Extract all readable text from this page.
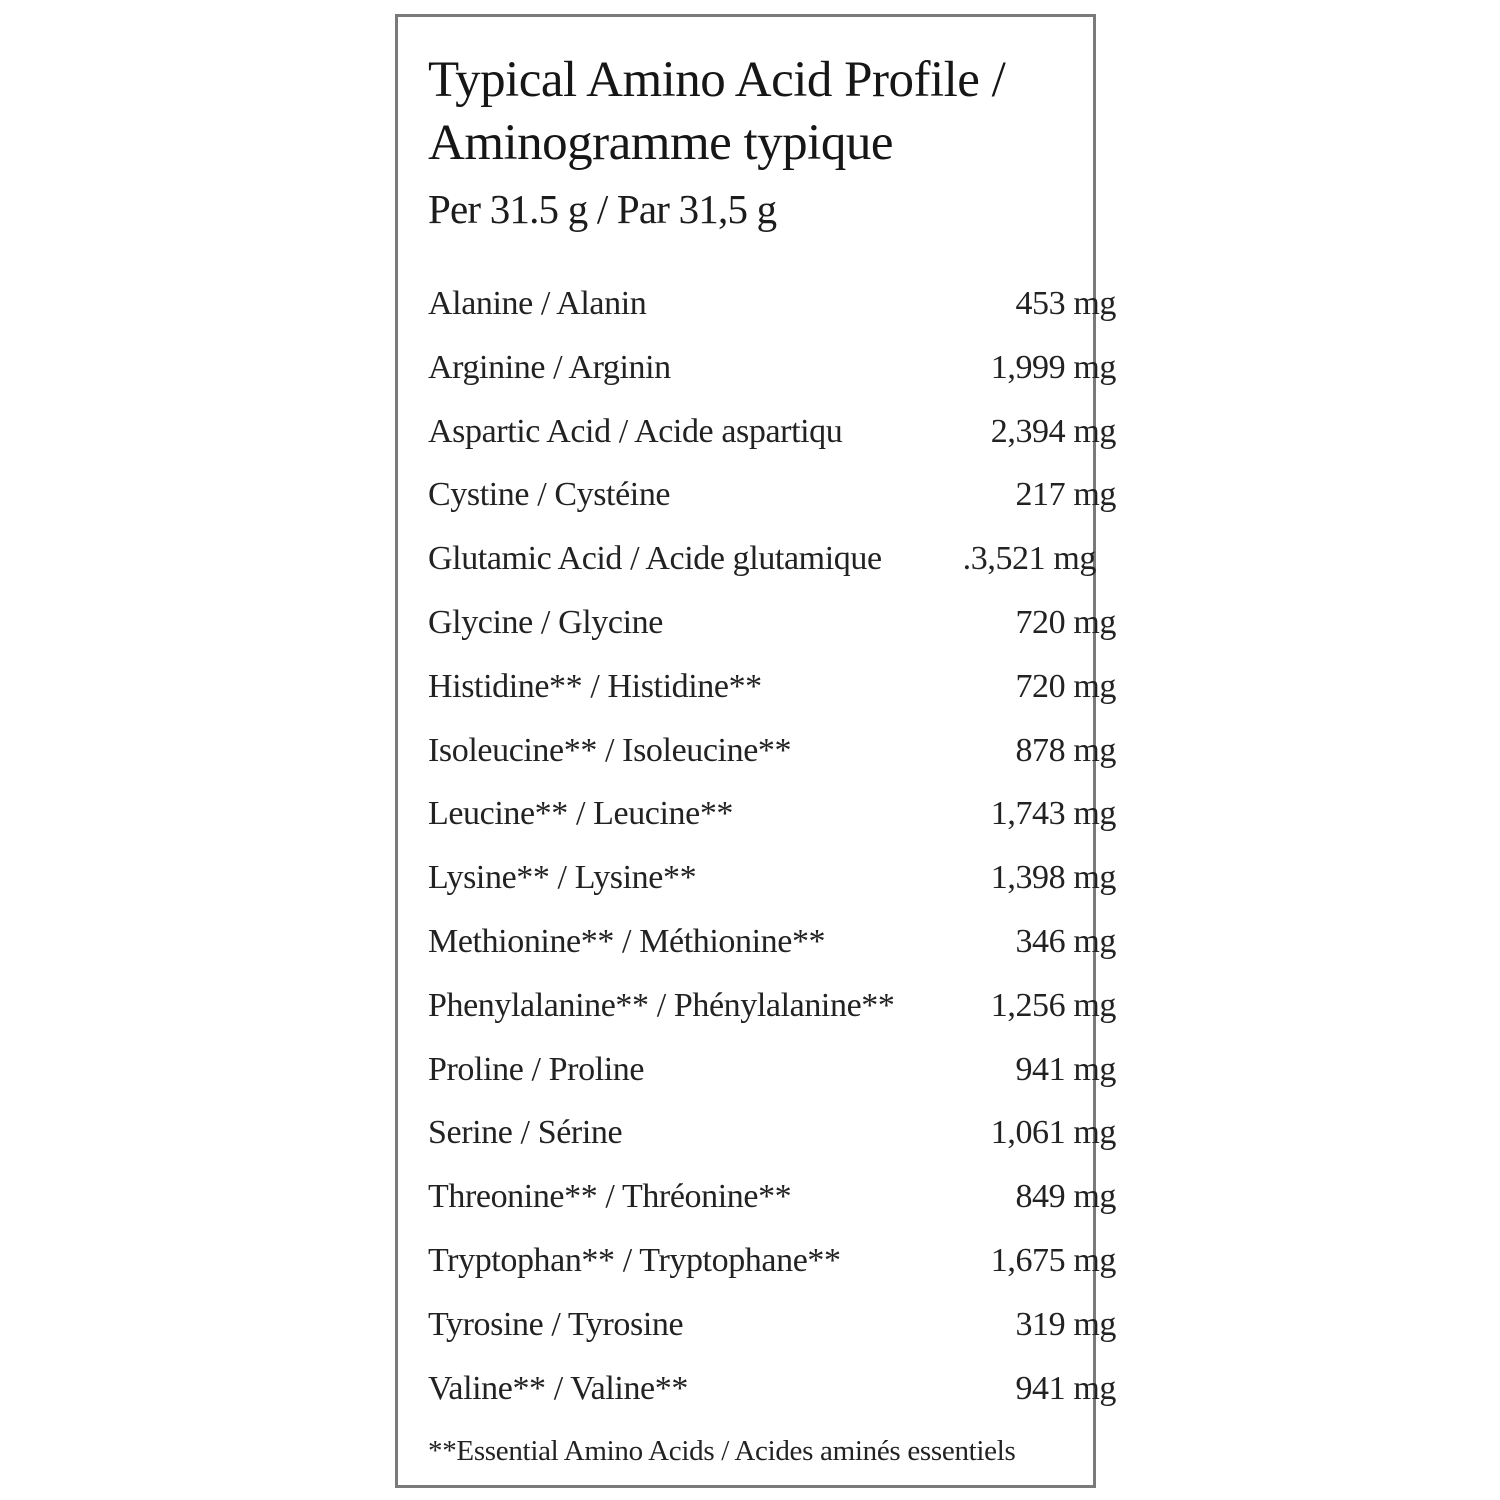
Typical Amino Acid Profile /
Aminogramme typique
Per 31.5 g / Par 31,5 g
Alanine / Alanin	453 mg
Arginine / Arginin	1,999 mg
Aspartic Acid / Acide aspartiqu	2,394 mg
Cystine / Cystéine	217 mg
Glutamic Acid / Acide glutamique .3,521 mg
Glycine / Glycine	720 mg
Histidine** / Histidine**	720 mg
Isoleucine** / Isoleucine**	878 mg
Leucine** / Leucine**	1,743 mg
Lysine** / Lysine**	1,398 mg
Methionine** / Méthionine**	346 mg
Phenylalanine** / Phénylalanine**	1,256 mg
Proline / Proline	941 mg
Serine / Sérine	1,061 mg
Threonine** / Thréonine**	849 mg
Tryptophan** / Tryptophane**	1,675 mg
Tyrosine / Tyrosine	319 mg
Valine** / Valine**	941 mg
**Essential Amino Acids / Acides aminés essentiels
